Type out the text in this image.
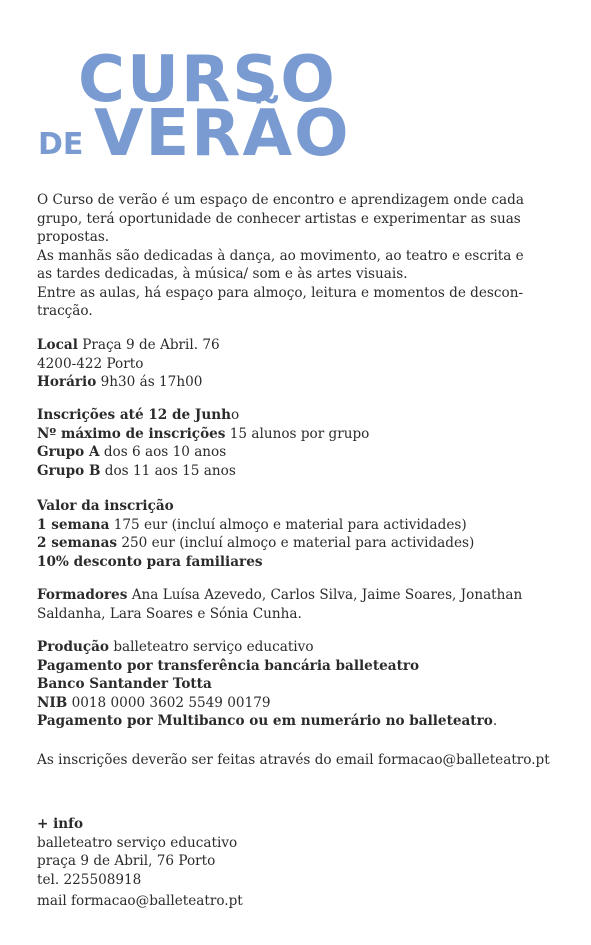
CURSO
DE VERÃO
O Curso de verão é um espaço de encontro e aprendizagem onde cada
grupo, terá oportunidade de conhecer artistas e experimentar as suas
propostas.
As manhãs são dedicadas à dança, ao movimento, ao teatro e escrita e
as tardes dedicadas, à música/ som e às artes visuais.
Entre as aulas, há espaço para almoço, leitura e momentos de descon-
tracção.
Local Praça 9 de Abril. 76
4200-422 Porto
Horário 9h30 ás 17h00
Inscrições até 12 de Junho
Nº máximo de inscrições 15 alunos por grupo
Grupo A dos 6 aos 10 anos
Grupo B dos 11 aos 15 anos
Valor da inscrição
1 semana 175 eur (incluí almoço e material para actividades)
2 semanas 250 eur (incluí almoço e material para actividades)
10% desconto para familiares
Formadores Ana Luísa Azevedo, Carlos Silva, Jaime Soares, Jonathan
Saldanha, Lara Soares e Sónia Cunha.
Produção balleteatro serviço educativo
Pagamento por transferência bancária balleteatro
Banco Santander Totta
NIB 0018 0000 3602 5549 00179
Pagamento por Multibanco ou em numerário no balleteatro.
As inscrições deverão ser feitas através do email formacao@balleteatro.pt
+ info
balleteatro serviço educativo
praça 9 de Abril, 76 Porto
tel. 225508918
mail formacao@balleteatro.pt
